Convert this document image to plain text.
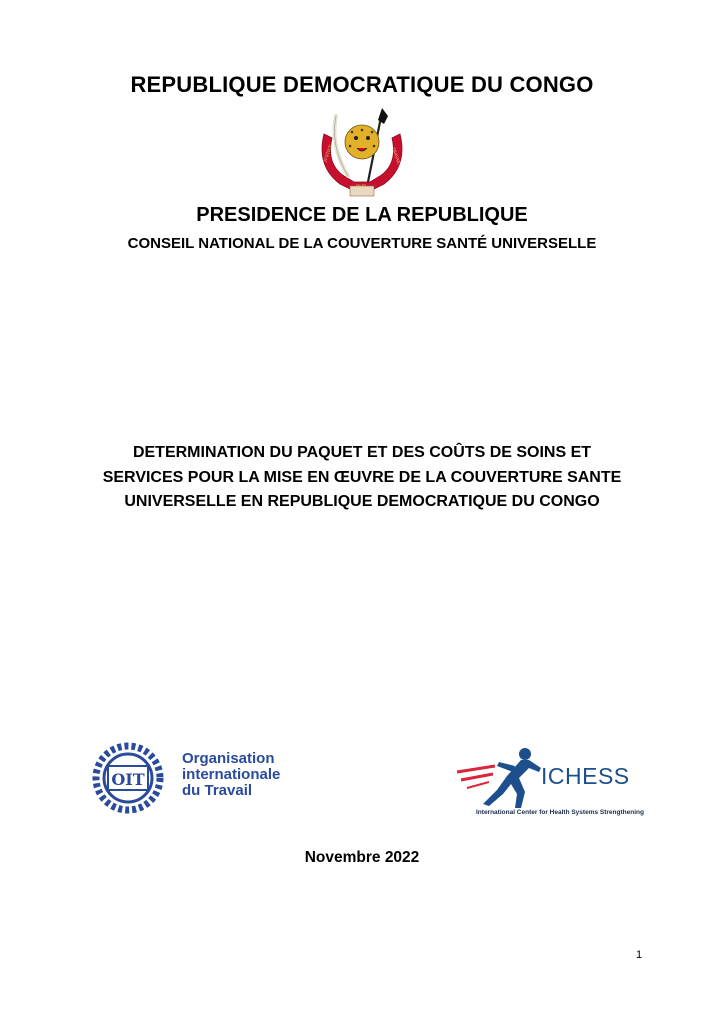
REPUBLIQUE DEMOCRATIQUE DU CONGO
JUSTICE
PAIX
TRAVAIL
PRESIDENCE DE LA REPUBLIQUE
CONSEIL NATIONAL DE LA COUVERTURE SANTÉ UNIVERSELLE
DETERMINATION DU PAQUET ET DES COÛTS DE SOINS ET
SERVICES POUR LA MISE EN ŒUVRE DE LA COUVERTURE SANTE
UNIVERSELLE EN REPUBLIQUE DEMOCRATIQUE DU CONGO
OIT
Organisation
internationale
du Travail
ICHESS
International Center for Health Systems Strengthening
Novembre 2022
1
